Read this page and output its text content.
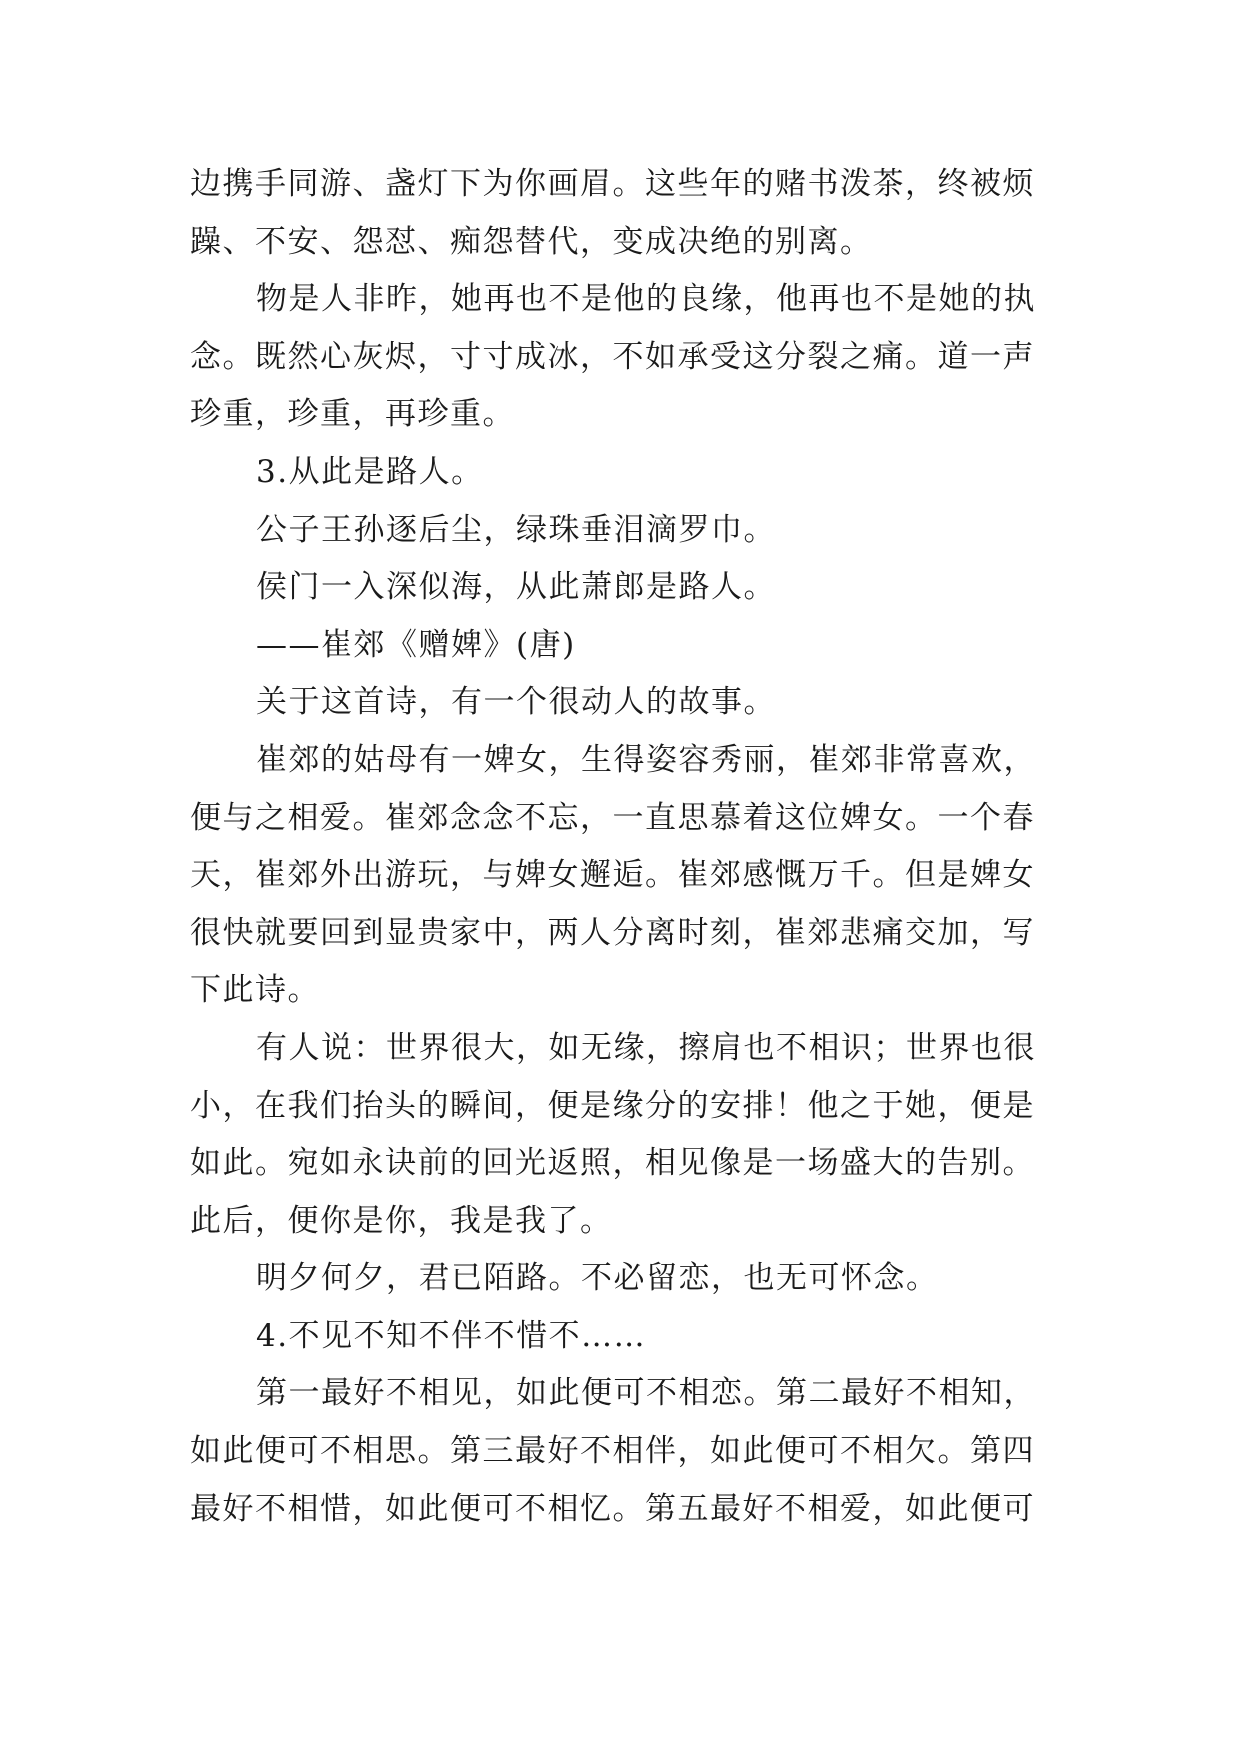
边携手同游、盏灯下为你画眉。这些年的赌书泼茶，终被烦
躁、不安、怨怼、痴怨替代，变成决绝的别离。
物是人非昨，她再也不是他的良缘，他再也不是她的执
念。既然心灰烬，寸寸成冰，不如承受这分裂之痛。道一声
珍重，珍重，再珍重。
3.从此是路人。
公子王孙逐后尘，绿珠垂泪滴罗巾。
侯门一入深似海，从此萧郎是路人。
——崔郊《赠婢》(唐)
关于这首诗，有一个很动人的故事。
崔郊的姑母有一婢女，生得姿容秀丽，崔郊非常喜欢，
便与之相爱。崔郊念念不忘，一直思慕着这位婢女。一个春
天，崔郊外出游玩，与婢女邂逅。崔郊感慨万千。但是婢女
很快就要回到显贵家中，两人分离时刻，崔郊悲痛交加，写
下此诗。
有人说：世界很大，如无缘，擦肩也不相识；世界也很
小，在我们抬头的瞬间，便是缘分的安排！他之于她，便是
如此。宛如永诀前的回光返照，相见像是一场盛大的告别。
此后，便你是你，我是我了。
明夕何夕，君已陌路。不必留恋，也无可怀念。
4.不见不知不伴不惜不……
第一最好不相见，如此便可不相恋。第二最好不相知，
如此便可不相思。第三最好不相伴，如此便可不相欠。第四
最好不相惜，如此便可不相忆。第五最好不相爱，如此便可
